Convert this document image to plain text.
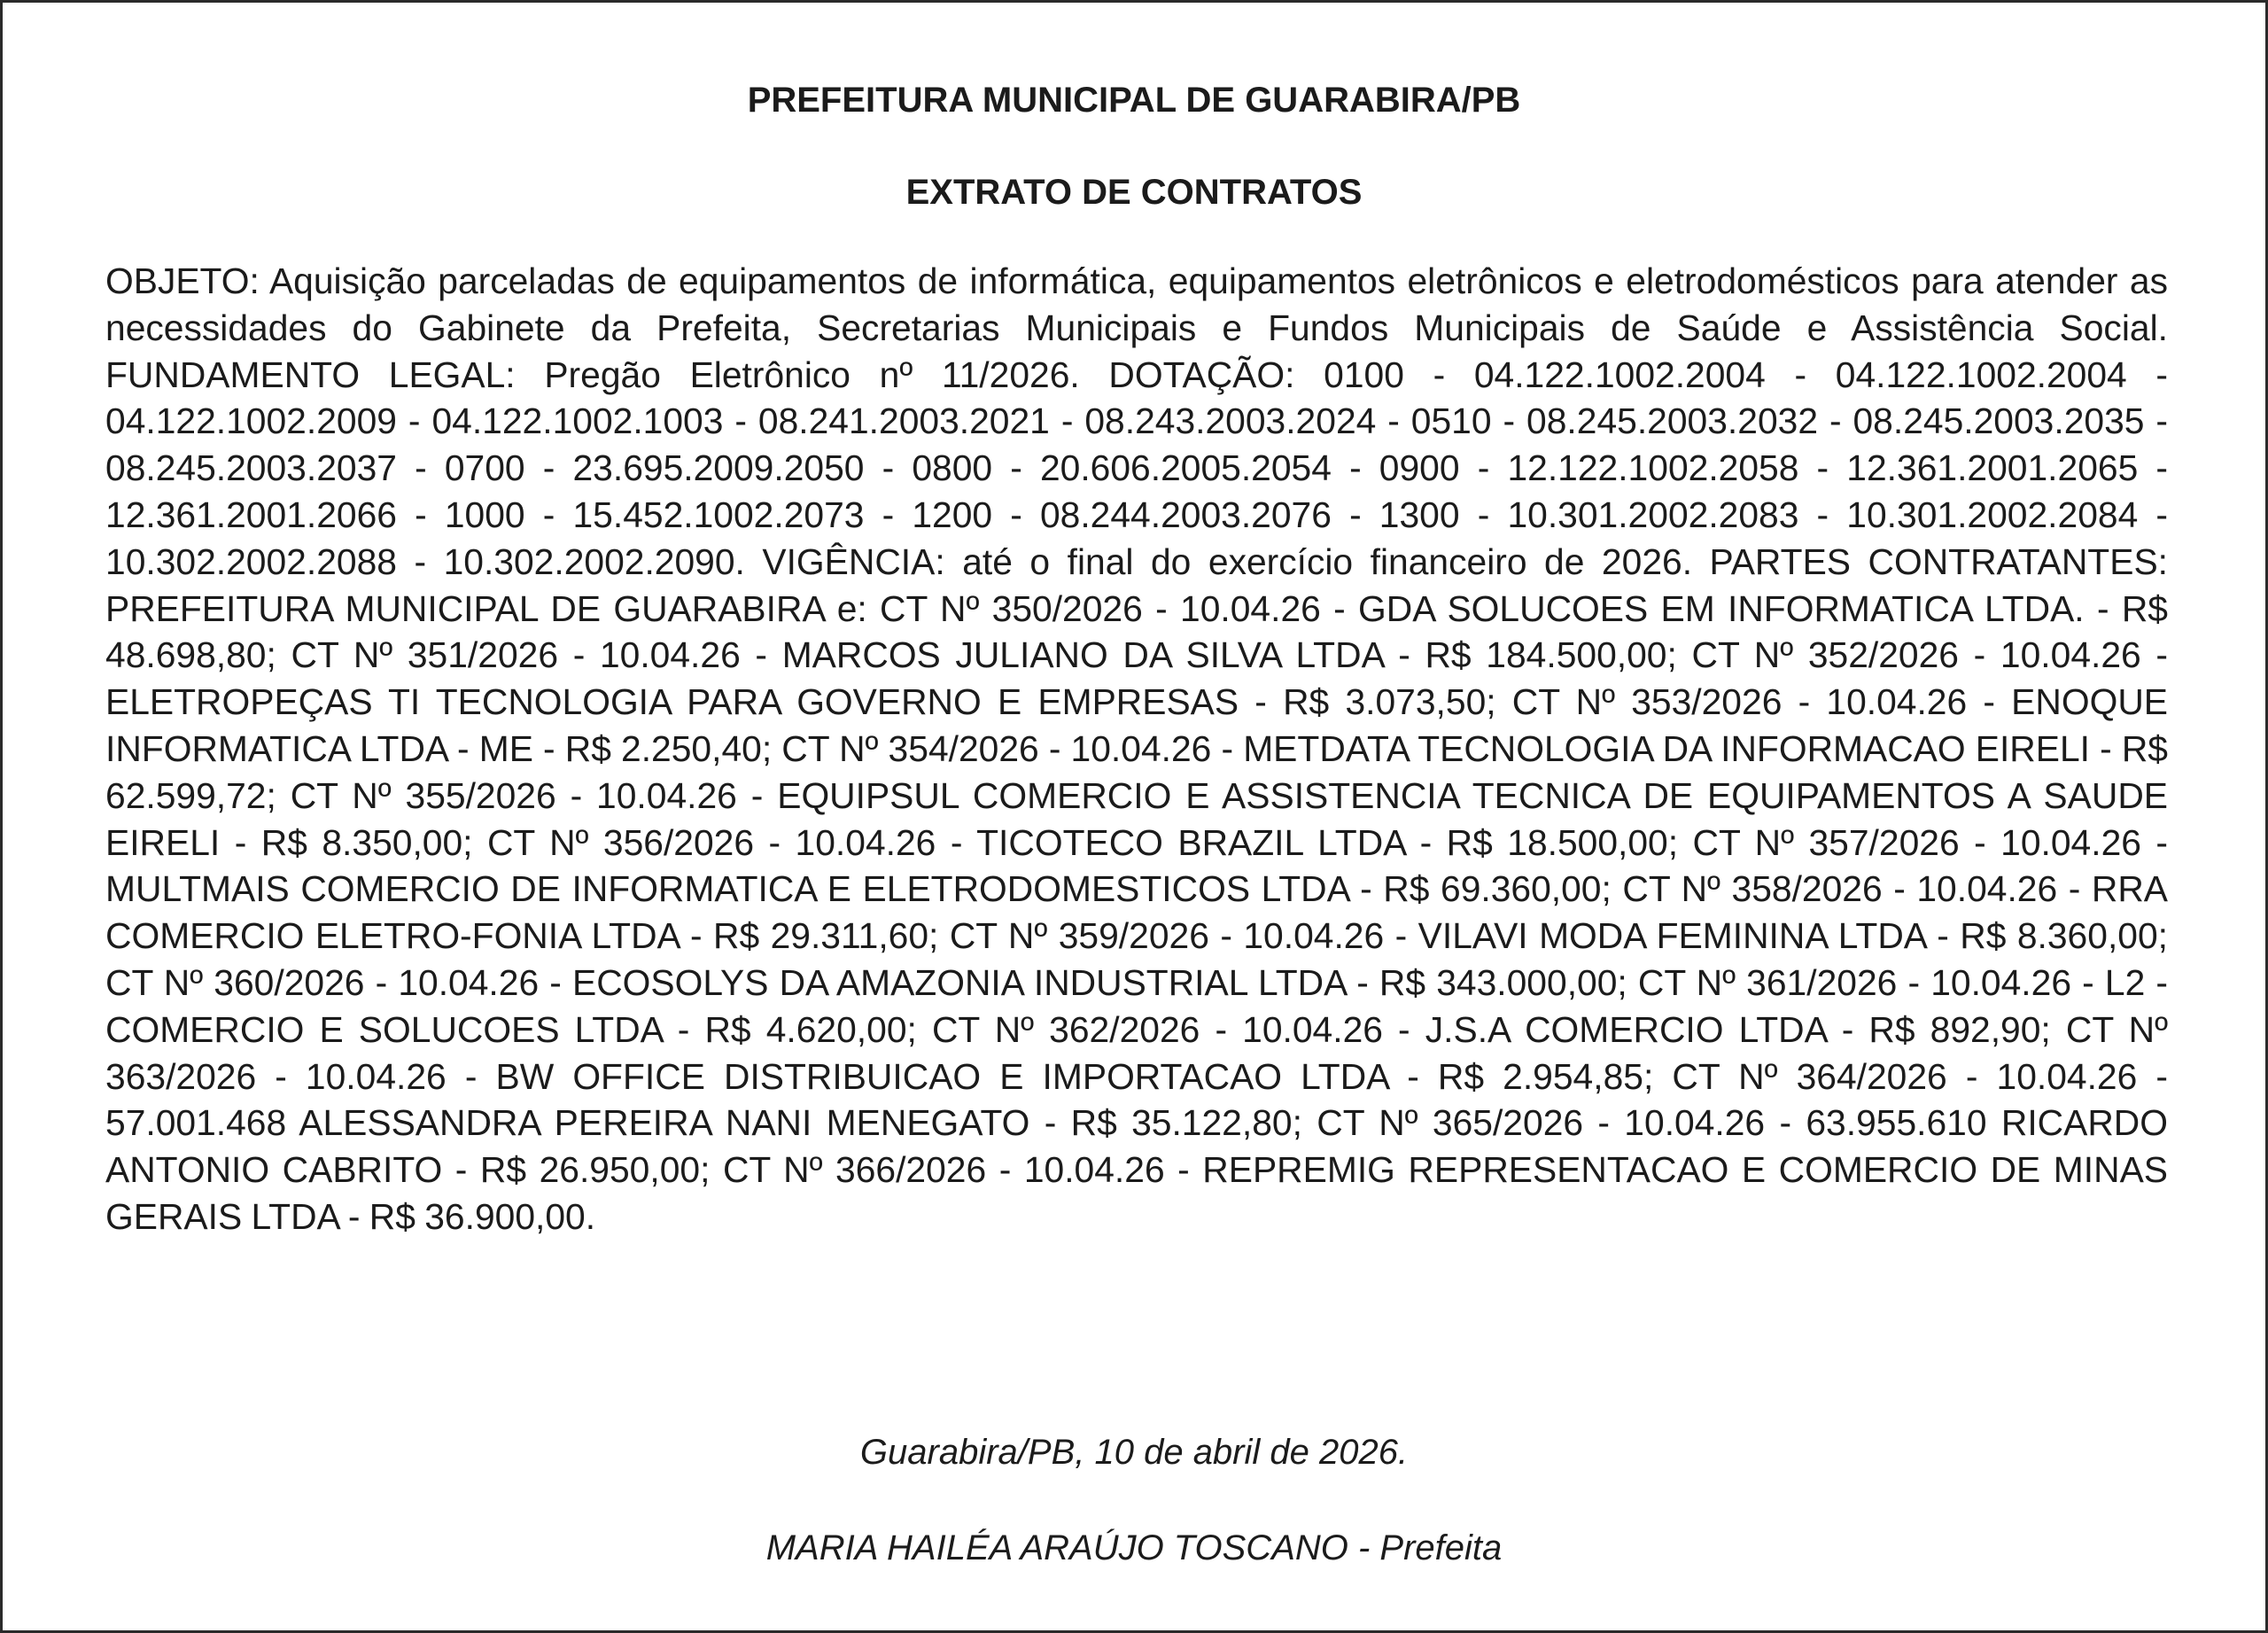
PREFEITURA MUNICIPAL DE GUARABIRA/PB
EXTRATO DE CONTRATOS

OBJETO: Aquisição parceladas de equipamentos de informática, equipamentos eletrônicos e eletrodomésticos para atender as necessidades do Gabinete da Prefeita, Secretarias Municipais e Fundos Municipais de Saúde e Assistência Social. FUNDAMENTO LEGAL: Pregão Eletrônico nº 11/2026. DOTAÇÃO: 0100 - 04.122.1002.2004 - 04.122.1002.2004 - 04.122.1002.2009 - 04.122.1002.1003 - 08.241.2003.2021 - 08.243.2003.2024 - 0510 - 08.245.2003.2032 - 08.245.2003.2035 - 08.245.2003.2037 - 0700 - 23.695.2009.2050 - 0800 - 20.606.2005.2054 - 0900 - 12.122.1002.2058 - 12.361.2001.2065 - 12.361.2001.2066 - 1000 - 15.452.1002.2073 - 1200 - 08.244.2003.2076 - 1300 - 10.301.2002.2083 - 10.301.2002.2084 - 10.302.2002.2088 - 10.302.2002.2090. VIGÊNCIA: até o final do exercício financeiro de 2026. PARTES CONTRATANTES: PREFEITURA MUNICIPAL DE GUARABIRA e: CT Nº 350/2026 - 10.04.26 - GDA SOLUCOES EM INFORMATICA LTDA. - R$ 48.698,80; CT Nº 351/2026 - 10.04.26 - MARCOS JULIANO DA SILVA LTDA - R$ 184.500,00; CT Nº 352/2026 - 10.04.26 - ELETROPEÇAS TI TECNOLOGIA PARA GOVERNO E EMPRESAS - R$ 3.073,50; CT Nº 353/2026 - 10.04.26 - ENOQUE INFORMATICA LTDA - ME - R$ 2.250,40; CT Nº 354/2026 - 10.04.26 - METDATA TECNOLOGIA DA INFORMACAO EIRELI - R$ 62.599,72; CT Nº 355/2026 - 10.04.26 - EQUIPSUL COMERCIO E ASSISTENCIA TECNICA DE EQUIPAMENTOS A SAUDE EIRELI - R$ 8.350,00; CT Nº 356/2026 - 10.04.26 - TICOTECO BRAZIL LTDA - R$ 18.500,00; CT Nº 357/2026 - 10.04.26 - MULTMAIS COMERCIO DE INFORMATICA E ELETRODOMESTICOS LTDA - R$ 69.360,00; CT Nº 358/2026 - 10.04.26 - RRA COMERCIO ELETRO-FONIA LTDA - R$ 29.311,60; CT Nº 359/2026 - 10.04.26 - VILAVI MODA FEMININA LTDA - R$ 8.360,00; CT Nº 360/2026 - 10.04.26 - ECOSOLYS DA AMAZONIA INDUSTRIAL LTDA - R$ 343.000,00; CT Nº 361/2026 - 10.04.26 - L2 - COMERCIO E SOLUCOES LTDA - R$ 4.620,00; CT Nº 362/2026 - 10.04.26 - J.S.A COMERCIO LTDA - R$ 892,90; CT Nº 363/2026 - 10.04.26 - BW OFFICE DISTRIBUICAO E IMPORTACAO LTDA - R$ 2.954,85; CT Nº 364/2026 - 10.04.26 - 57.001.468 ALESSANDRA PEREIRA NANI MENEGATO - R$ 35.122,80; CT Nº 365/2026 - 10.04.26 - 63.955.610 RICARDO ANTONIO CABRITO - R$ 26.950,00; CT Nº 366/2026 - 10.04.26 - REPREMIG REPRESENTACAO E COMERCIO DE MINAS GERAIS LTDA - R$ 36.900,00.

Guarabira/PB, 10 de abril de 2026.

MARIA HAILÉA ARAÚJO TOSCANO - Prefeita
